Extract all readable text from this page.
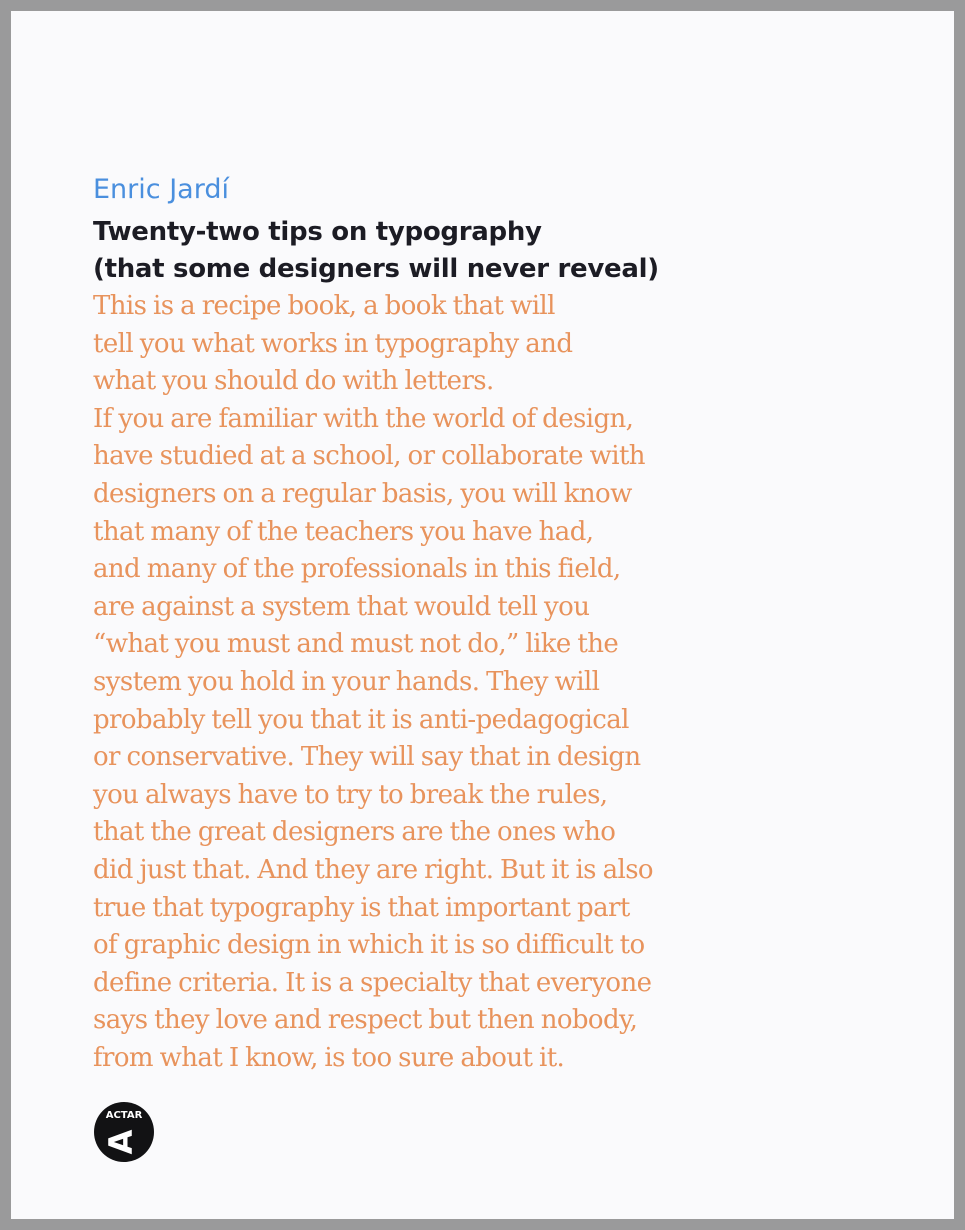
Enric Jardí
Twenty-two tips on typography
(that some designers will never reveal)

This is a recipe book, a book that will
tell you what works in typography and
what you should do with letters.
If you are familiar with the world of design,
have studied at a school, or collaborate with
designers on a regular basis, you will know
that many of the teachers you have had,
and many of the professionals in this field,
are against a system that would tell you
“what you must and must not do,” like the
system you hold in your hands. They will
probably tell you that it is anti-pedagogical
or conservative. They will say that in design
you always have to try to break the rules,
that the great designers are the ones who
did just that. And they are right. But it is also
true that typography is that important part
of graphic design in which it is so difficult to
define criteria. It is a specialty that everyone
says they love and respect but then nobody,
from what I know, is too sure about it.

ACTAR
A
